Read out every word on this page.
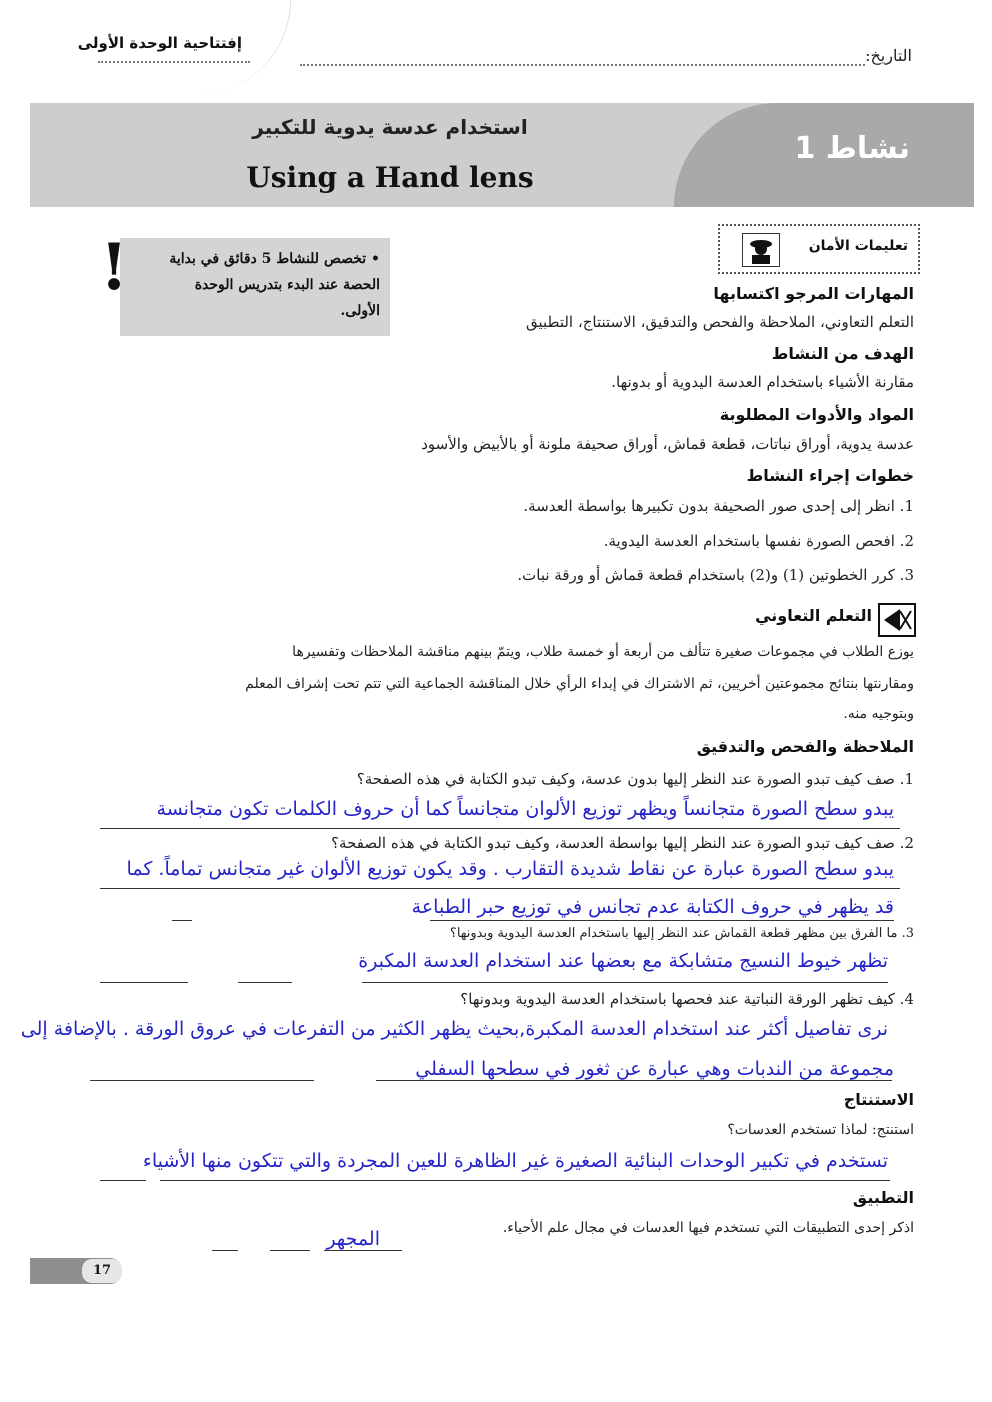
إفتتاحية الوحدة الأولى
التاريخ:
نشاط 1
استخدام عدسة يدوية للتكبير
Using a Hand lens
• تخصص للنشاط 5 دقائق في بداية الحصة عند البدء بتدريس الوحدة الأولى.
!	تعليمات الأمان
المهارات المرجو اكتسابها
التعلم التعاوني، الملاحظة والفحص والتدقيق، الاستنتاج، التطبيق
الهدف من النشاط
مقارنة الأشياء باستخدام العدسة اليدوية أو بدونها.
المواد والأدوات المطلوبة
عدسة يدوية، أوراق نباتات، قطعة قماش، أوراق صحيفة ملونة أو بالأبيض والأسود
خطوات إجراء النشاط
1. انظر إلى إحدى صور الصحيفة بدون تكبيرها بواسطة العدسة.
2. افحص الصورة نفسها باستخدام العدسة اليدوية.
3. كرر الخطوتين (1) و(2) باستخدام قطعة قماش أو ورقة نبات.
التعلم التعاوني
يوزع الطلاب في مجموعات صغيرة تتألف من أربعة أو خمسة طلاب، ويتمّ بينهم مناقشة الملاحظات وتفسيرها
ومقارنتها بنتائج مجموعتين أخريين، ثم الاشتراك في إبداء الرأي خلال المناقشة الجماعية التي تتم تحت إشراف المعلم
وبتوجيه منه.
الملاحظة والفحص والتدقيق
1. صف كيف تبدو الصورة عند النظر إليها بدون عدسة، وكيف تبدو الكتابة في هذه الصفحة؟
يبدو سطح الصورة متجانساً ويظهر توزيع الألوان متجانساً كما أن حروف الكلمات تكون متجانسة
2. صف كيف تبدو الصورة عند النظر إليها بواسطة العدسة، وكيف تبدو الكتابة في هذه الصفحة؟
يبدو سطح الصورة عبارة عن نقاط شديدة التقارب . وقد يكون توزيع الألوان غير متجانس تماماً. كما
قد يظهر في حروف الكتابة عدم تجانس في توزيع حبر الطباعة
3. ما الفرق بين مظهر قطعة القماش عند النظر إليها باستخدام العدسة اليدوية وبدونها؟
تظهر خيوط النسيج متشابكة مع بعضها عند استخدام العدسة المكبرة
4. كيف تظهر الورقة النباتية عند فحصها باستخدام العدسة اليدوية وبدونها؟
نرى تفاصيل أكثر عند استخدام العدسة المكبرة,بحيث يظهر الكثير من التفرعات في عروق الورقة . بالإضافة إلى
مجموعة من الندبات وهي عبارة عن ثغور في سطحها السفلي
الاستنتاج
استنتج: لماذا تستخدم العدسات؟
تستخدم في تكبير الوحدات البنائية الصغيرة غير الظاهرة للعين المجردة والتي تتكون منها الأشياء
التطبيق
اذكر إحدى التطبيقات التي تستخدم فيها العدسات في مجال علم الأحياء.
المجهر
17
